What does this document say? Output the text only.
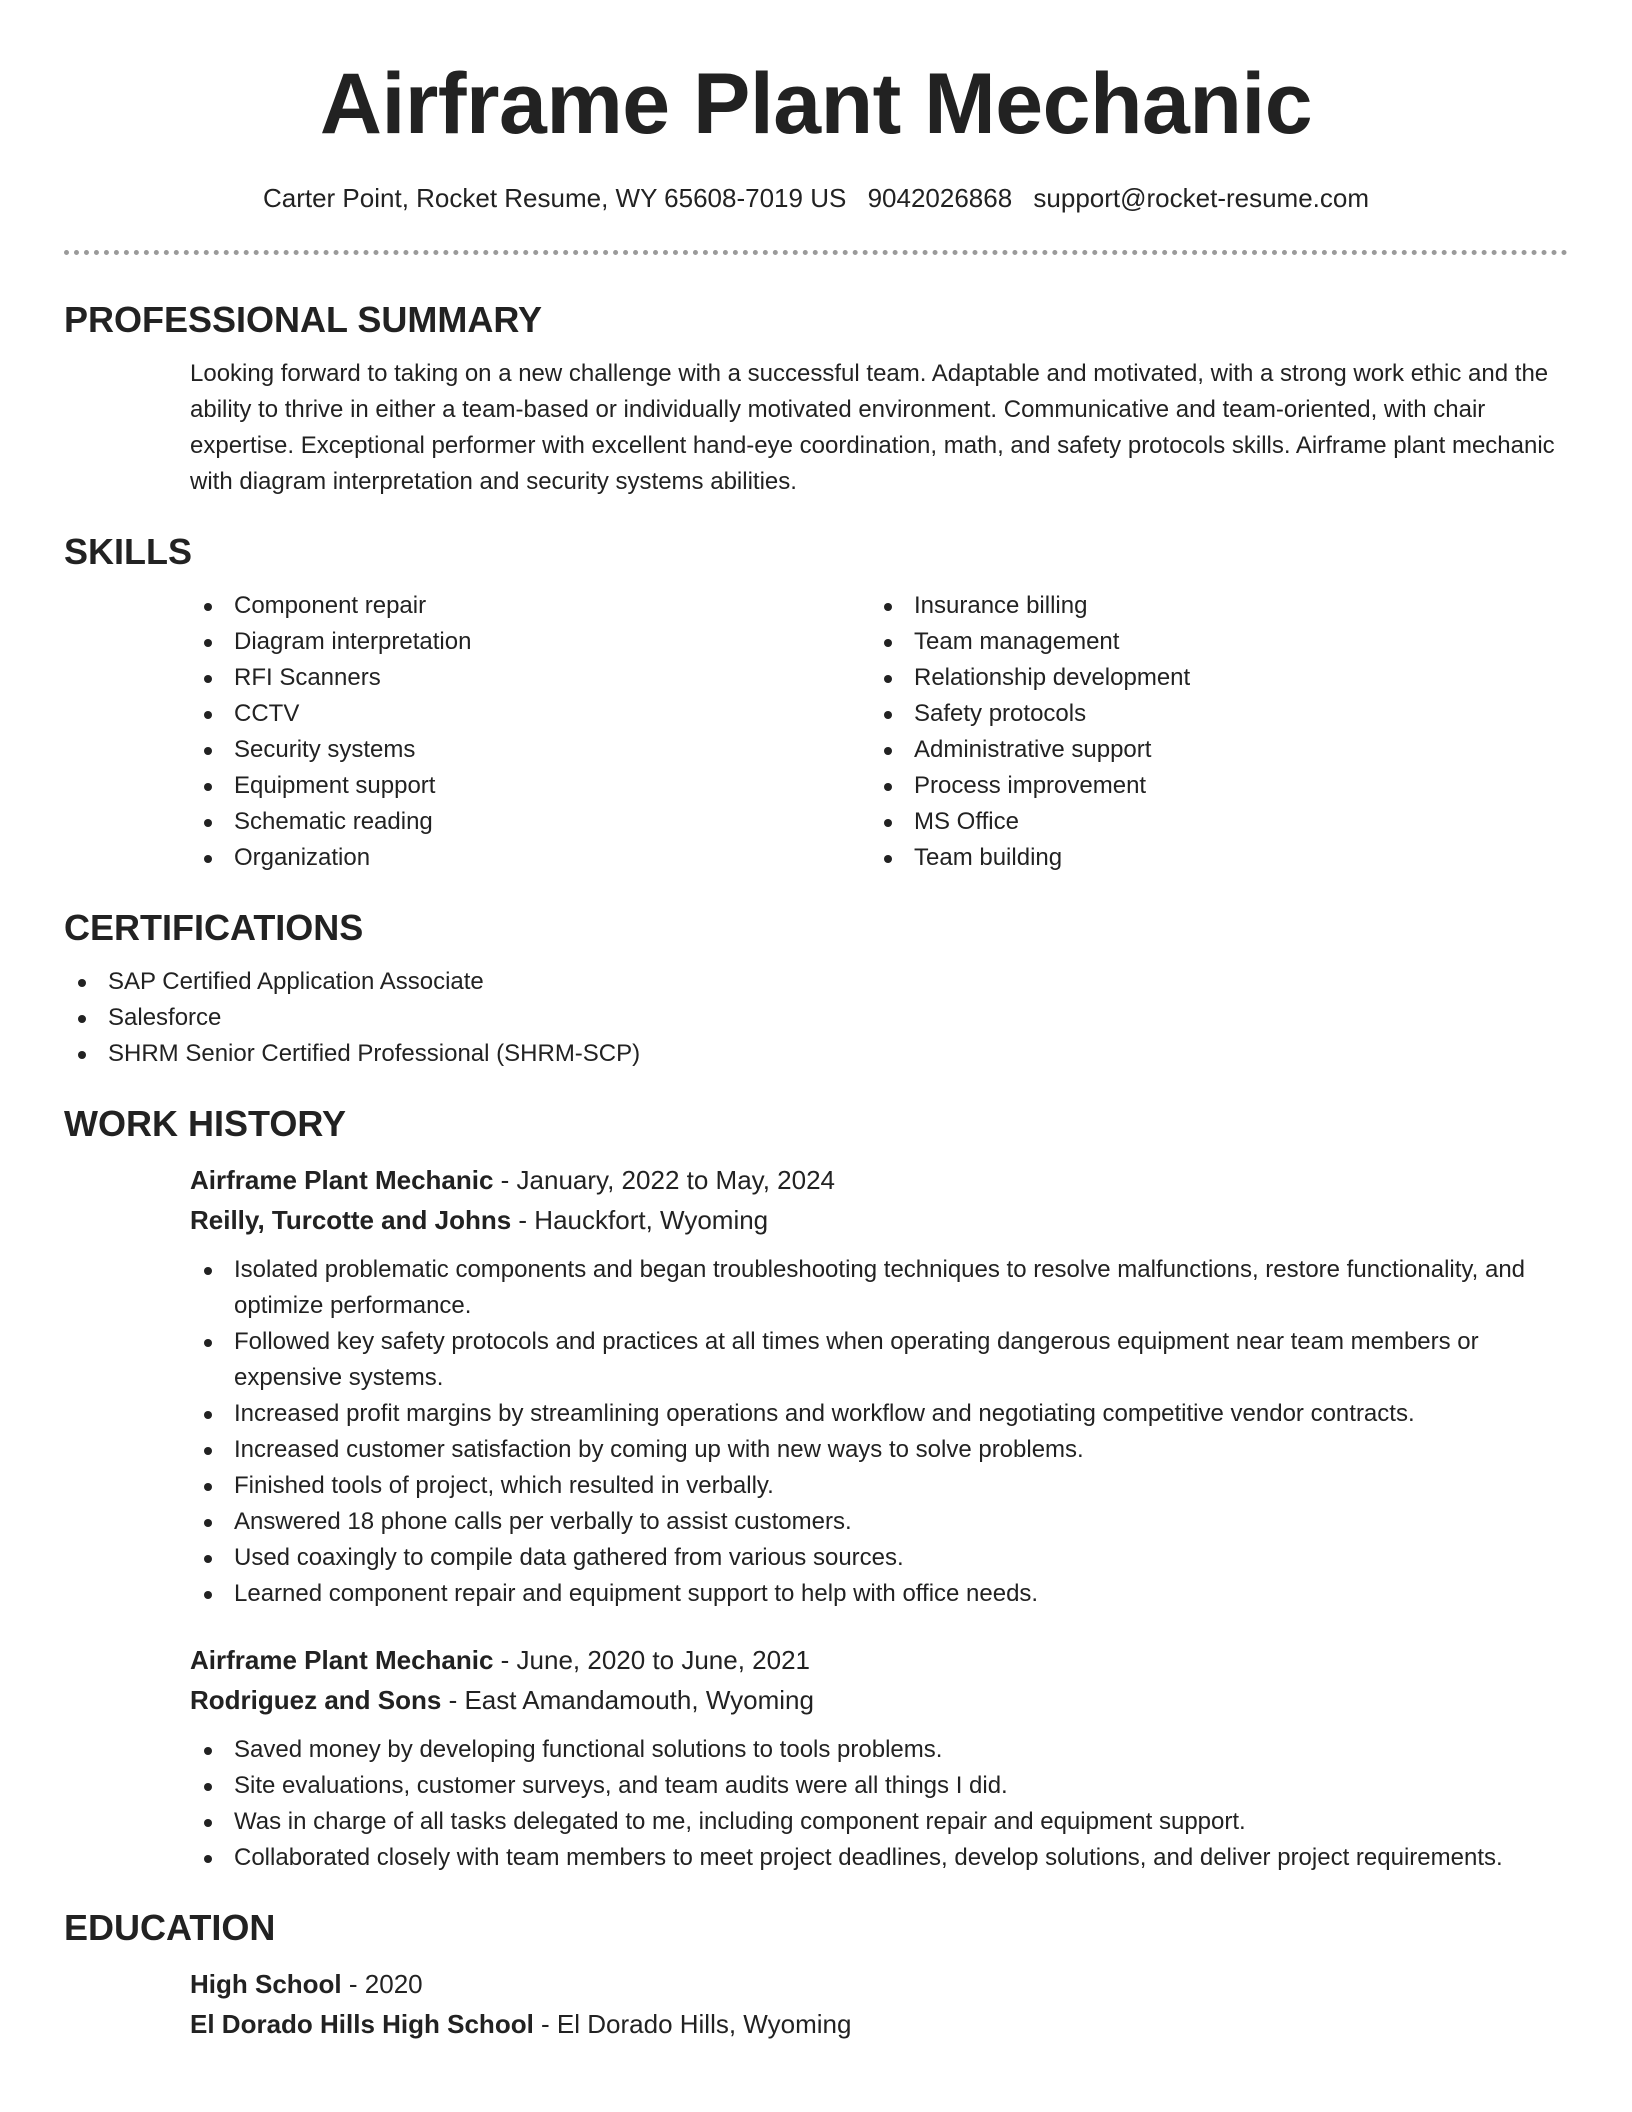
Airframe Plant Mechanic
Carter Point, Rocket Resume, WY 65608-7019 US 9042026868 support@rocket-resume.com
PROFESSIONAL SUMMARY

Looking forward to taking on a new challenge with a successful team. Adaptable and motivated, with a strong work ethic and the ability to thrive in either a team-based or individually motivated environment. Communicative and team-oriented, with chair expertise. Exceptional performer with excellent hand-eye coordination, math, and safety protocols skills. Airframe plant mechanic with diagram interpretation and security systems abilities.

SKILLS
Component repair
Diagram interpretation
RFI Scanners
CCTV
Security systems
Equipment support
Schematic reading
Organization
Insurance billing
Team management
Relationship development
Safety protocols
Administrative support
Process improvement
MS Office
Team building
CERTIFICATIONS
SAP Certified Application Associate
Salesforce
SHRM Senior Certified Professional (SHRM-SCP)
WORK HISTORY
Airframe Plant Mechanic - January, 2022 to May, 2024
Reilly, Turcotte and Johns - Hauckfort, Wyoming
Isolated problematic components and began troubleshooting techniques to resolve malfunctions, restore functionality, and optimize performance.
Followed key safety protocols and practices at all times when operating dangerous equipment near team members or expensive systems.
Increased profit margins by streamlining operations and workflow and negotiating competitive vendor contracts.
Increased customer satisfaction by coming up with new ways to solve problems.
Finished tools of project, which resulted in verbally.
Answered 18 phone calls per verbally to assist customers.
Used coaxingly to compile data gathered from various sources.
Learned component repair and equipment support to help with office needs.
Airframe Plant Mechanic - June, 2020 to June, 2021
Rodriguez and Sons - East Amandamouth, Wyoming
Saved money by developing functional solutions to tools problems.
Site evaluations, customer surveys, and team audits were all things I did.
Was in charge of all tasks delegated to me, including component repair and equipment support.
Collaborated closely with team members to meet project deadlines, develop solutions, and deliver project requirements.
EDUCATION
High School - 2020
El Dorado Hills High School - El Dorado Hills, Wyoming
